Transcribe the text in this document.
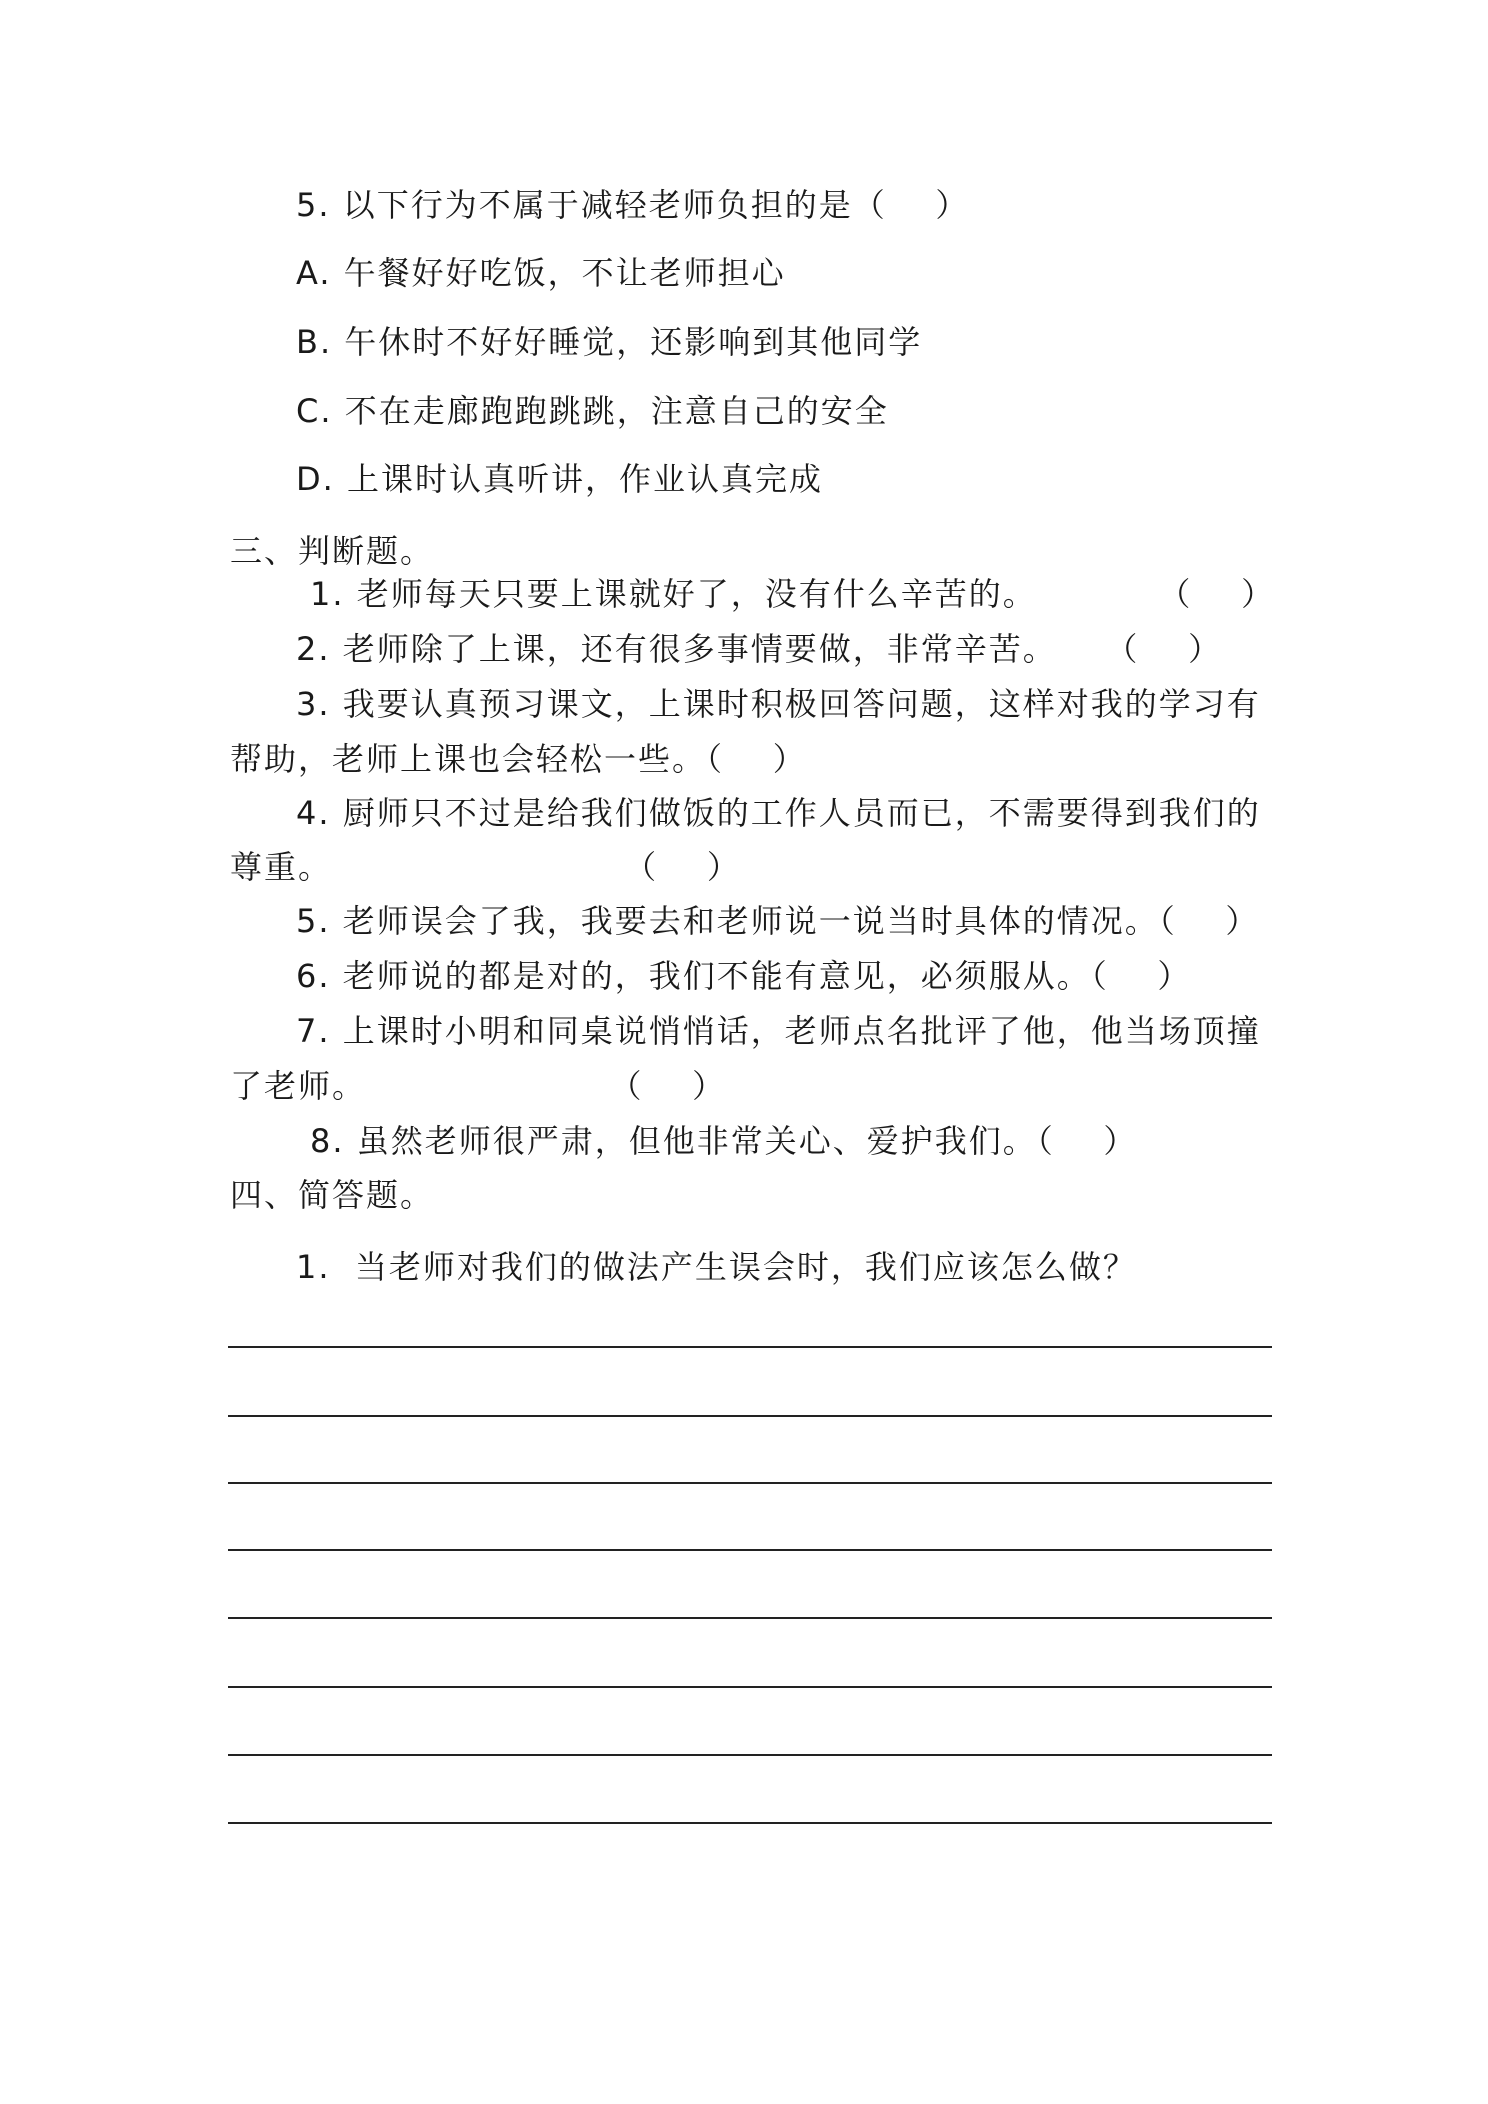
5. 以下行为不属于减轻老师负担的是（    ）
A. 午餐好好吃饭，不让老师担心
B. 午休时不好好睡觉，还影响到其他同学
C. 不在走廊跑跑跳跳，注意自己的安全
D. 上课时认真听讲，作业认真完成
三、判断题。
1. 老师每天只要上课就好了，没有什么辛苦的。          （    ）
2. 老师除了上课，还有很多事情要做，非常辛苦。    （    ）
3. 我要认真预习课文，上课时积极回答问题，这样对我的学习有
帮助，老师上课也会轻松一些。（    ）
4. 厨师只不过是给我们做饭的工作人员而已，不需要得到我们的
尊重。                        （    ）
5. 老师误会了我，我要去和老师说一说当时具体的情况。（    ）
6. 老师说的都是对的，我们不能有意见，必须服从。（    ）
7. 上课时小明和同桌说悄悄话，老师点名批评了他，他当场顶撞
了老师。                    （    ）
8. 虽然老师很严肃，但他非常关心、爱护我们。（    ）
四、简答题。
1.  当老师对我们的做法产生误会时，我们应该怎么做？
